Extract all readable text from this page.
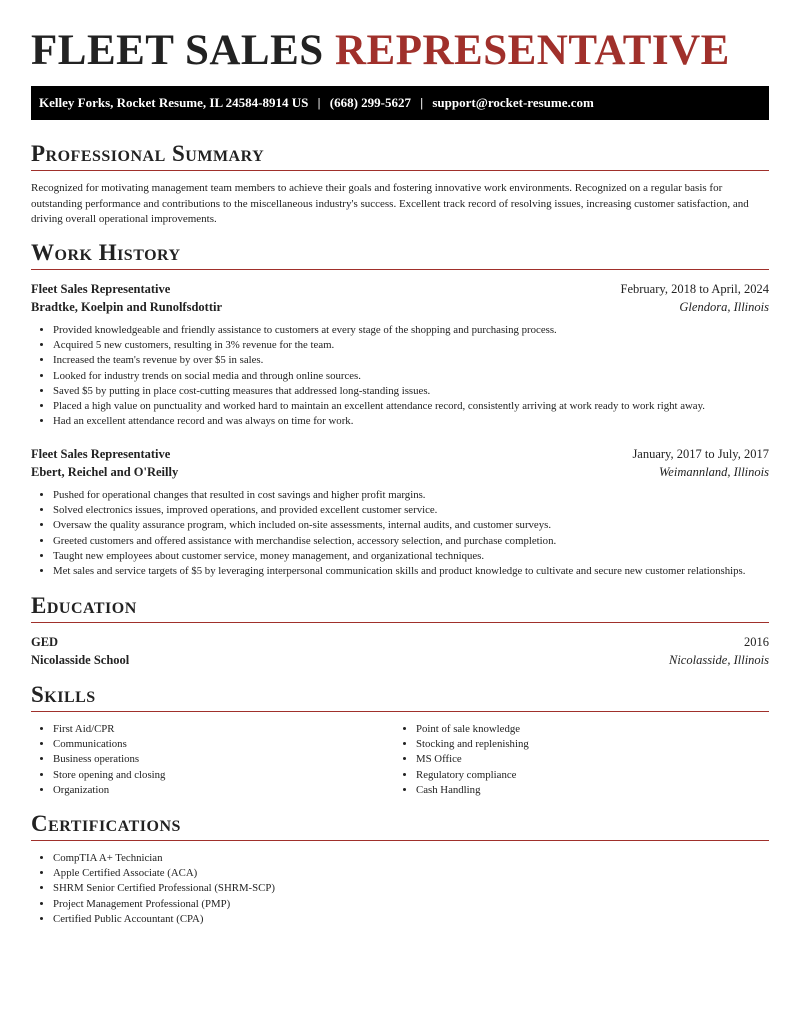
FLEET SALES REPRESENTATIVE
Kelley Forks, Rocket Resume, IL 24584-8914 US | (668) 299-5627 | support@rocket-resume.com
Professional Summary

Recognized for motivating management team members to achieve their goals and fostering innovative work environments. Recognized on a regular basis for outstanding performance and contributions to the miscellaneous industry's success. Excellent track record of resolving issues, increasing customer satisfaction, and driving overall operational improvements.

Work History
Fleet Sales Representative	February, 2018 to April, 2024
Bradtke, Koelpin and Runolfsdottir	Glendora, Illinois
• Provided knowledgeable and friendly assistance to customers at every stage of the shopping and purchasing process.
• Acquired 5 new customers, resulting in 3% revenue for the team.
• Increased the team's revenue by over $5 in sales.
• Looked for industry trends on social media and through online sources.
• Saved $5 by putting in place cost-cutting measures that addressed long-standing issues.
• Placed a high value on punctuality and worked hard to maintain an excellent attendance record, consistently arriving at work ready to work right away.
• Had an excellent attendance record and was always on time for work.
Fleet Sales Representative	January, 2017 to July, 2017
Ebert, Reichel and O'Reilly	Weimannland, Illinois
• Pushed for operational changes that resulted in cost savings and higher profit margins.
• Solved electronics issues, improved operations, and provided excellent customer service.
• Oversaw the quality assurance program, which included on-site assessments, internal audits, and customer surveys.
• Greeted customers and offered assistance with merchandise selection, accessory selection, and purchase completion.
• Taught new employees about customer service, money management, and organizational techniques.
• Met sales and service targets of $5 by leveraging interpersonal communication skills and product knowledge to cultivate and secure new customer relationships.
Education
GED	2016
Nicolasside School	Nicolasside, Illinois
Skills
• First Aid/CPR
• Communications
• Business operations
• Store opening and closing
• Organization
• Point of sale knowledge
• Stocking and replenishing
• MS Office
• Regulatory compliance
• Cash Handling
Certifications
• CompTIA A+ Technician
• Apple Certified Associate (ACA)
• SHRM Senior Certified Professional (SHRM-SCP)
• Project Management Professional (PMP)
• Certified Public Accountant (CPA)
